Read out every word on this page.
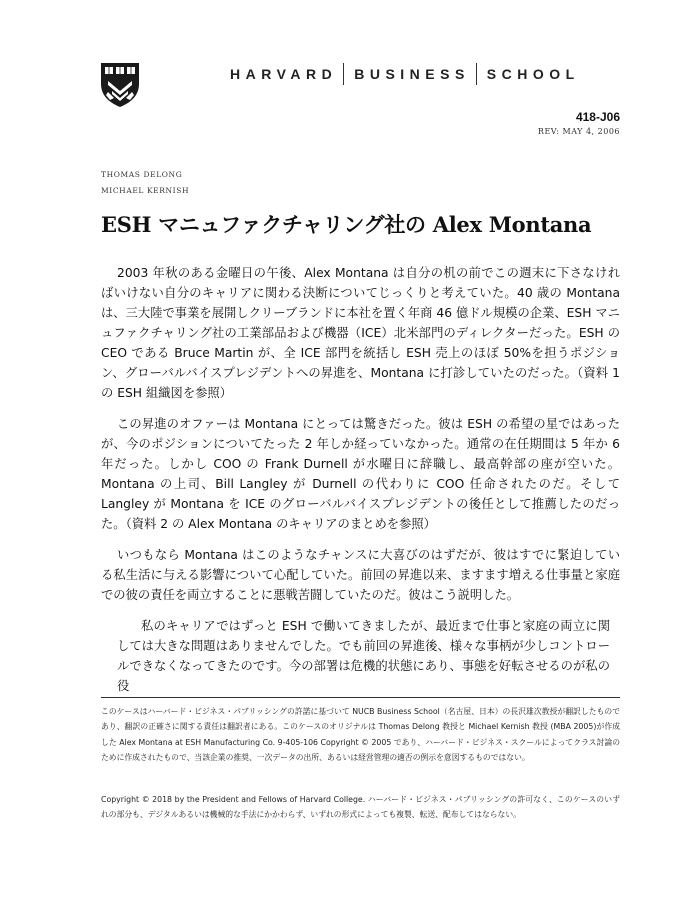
HARVARD BUSINESS SCHOOL
418-J06
REV: MAY 4, 2006
THOMAS DELONG
MICHAEL KERNISH
ESH マニュファクチャリング社の Alex Montana

2003 年秋のある金曜日の午後、Alex Montana は自分の机の前でこの週末に下さなければいけない自分のキャリアに関わる決断についてじっくりと考えていた。40 歳の Montana は、三大陸で事業を展開しクリーブランドに本社を置く年商 46 億ドル規模の企業、ESH マニュファクチャリング社の工業部品および機器（ICE）北米部門のディレクターだった。ESH の CEO である Bruce Martin が、全 ICE 部門を統括し ESH 売上のほぼ 50%を担うポジション、グローバルバイスプレジデントへの昇進を、Montana に打診していたのだった。（資料 1 の ESH 組織図を参照）

この昇進のオファーは Montana にとっては驚きだった。彼は ESH の希望の星ではあったが、今のポジションについてたった 2 年しか経っていなかった。通常の在任期間は 5 年か 6 年だった。しかし COO の Frank Durnell が水曜日に辞職し、最高幹部の座が空いた。Montana の上司、Bill Langley が Durnell の代わりに COO 任命されたのだ。そして Langley が Montana を ICE のグローバルバイスプレジデントの後任として推薦したのだった。（資料 2 の Alex Montana のキャリアのまとめを参照）

いつもなら Montana はこのようなチャンスに大喜びのはずだが、彼はすでに緊迫している私生活に与える影響について心配していた。前回の昇進以来、ますます増える仕事量と家庭での彼の責任を両立することに悪戦苦闘していたのだ。彼はこう説明した。

私のキャリアではずっと ESH で働いてきましたが、最近まで仕事と家庭の両立に関しては大きな問題はありませんでした。でも前回の昇進後、様々な事柄が少しコントロールできなくなってきたのです。今の部署は危機的状態にあり、事態を好転させるのが私の役

このケースはハーバード・ビジネス・パブリッシングの許諾に基づいて NUCB Business School（名古屋、日本）の長沢雄次教授が翻訳したものであり、翻訳の正確さに関する責任は翻訳者にある。このケースのオリジナルは Thomas Delong 教授と Michael Kernish 教授 (MBA 2005)が作成した Alex Montana at ESH Manufacturing Co. 9-405-106 Copyright © 2005 であり、ハーバード・ビジネス・スクールによってクラス討論のために作成されたもので、当該企業の推奨、一次データの出所、あるいは経営管理の適否の例示を意図するものではない。
Copyright © 2018 by the President and Fellows of Harvard College. ハーバード・ビジネス・パブリッシングの許可なく、このケースのいずれの部分も、デジタルあるいは機械的な手法にかかわらず、いずれの形式によっても複製、転送、配布してはならない。
